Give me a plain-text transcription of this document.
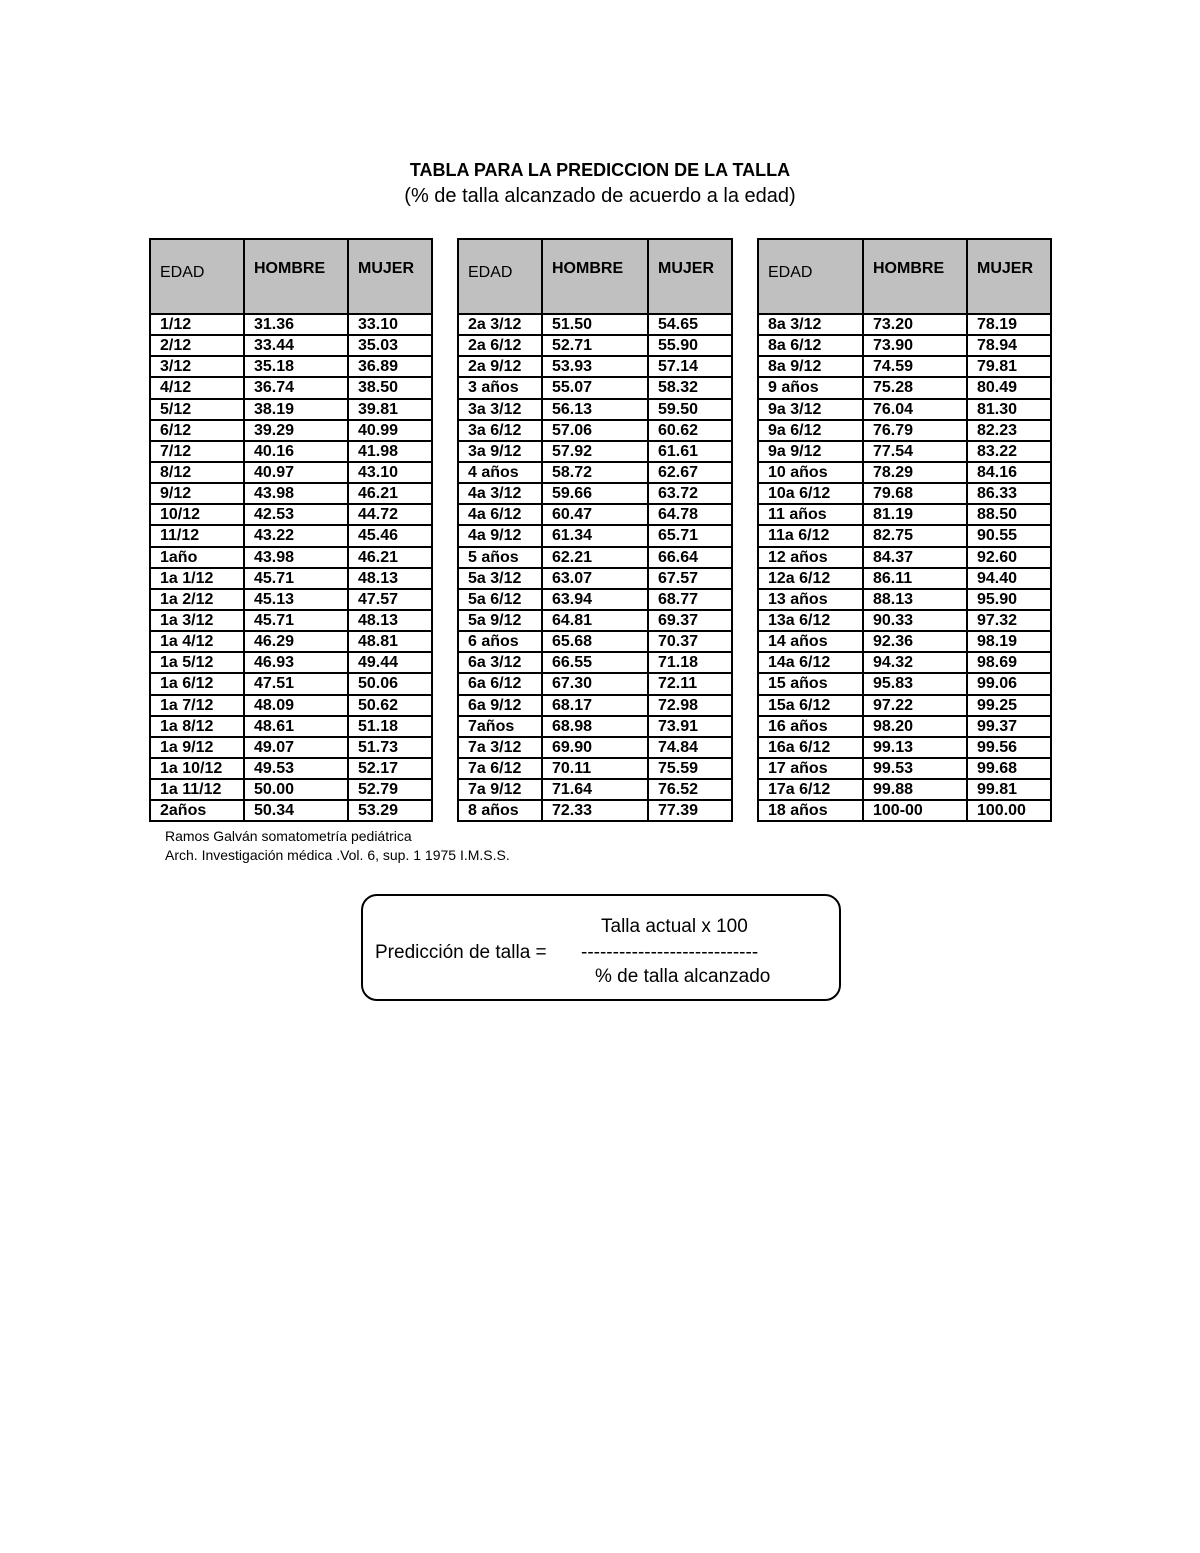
TABLA PARA LA PREDICCION DE LA TALLA
(% de talla alcanzado de acuerdo a la edad)
EDAD	HOMBRE	MUJER
1/12	31.36	33.10
2/12	33.44	35.03
3/12	35.18	36.89
4/12	36.74	38.50
5/12	38.19	39.81
6/12	39.29	40.99
7/12	40.16	41.98
8/12	40.97	43.10
9/12	43.98	46.21
10/12	42.53	44.72
11/12	43.22	45.46
1año	43.98	46.21
1a 1/12	45.71	48.13
1a 2/12	45.13	47.57
1a 3/12	45.71	48.13
1a 4/12	46.29	48.81
1a 5/12	46.93	49.44
1a 6/12	47.51	50.06
1a 7/12	48.09	50.62
1a 8/12	48.61	51.18
1a 9/12	49.07	51.73
1a 10/12	49.53	52.17
1a 11/12	50.00	52.79
2años	50.34	53.29
EDAD	HOMBRE	MUJER
2a 3/12	51.50	54.65
2a 6/12	52.71	55.90
2a 9/12	53.93	57.14
3 años	55.07	58.32
3a 3/12	56.13	59.50
3a 6/12	57.06	60.62
3a 9/12	57.92	61.61
4 años	58.72	62.67
4a 3/12	59.66	63.72
4a 6/12	60.47	64.78
4a 9/12	61.34	65.71
5 años	62.21	66.64
5a 3/12	63.07	67.57
5a 6/12	63.94	68.77
5a 9/12	64.81	69.37
6 años	65.68	70.37
6a 3/12	66.55	71.18
6a 6/12	67.30	72.11
6a 9/12	68.17	72.98
7años	68.98	73.91
7a 3/12	69.90	74.84
7a 6/12	70.11	75.59
7a 9/12	71.64	76.52
8 años	72.33	77.39
EDAD	HOMBRE	MUJER
8a 3/12	73.20	78.19
8a 6/12	73.90	78.94
8a 9/12	74.59	79.81
9 años	75.28	80.49
9a 3/12	76.04	81.30
9a 6/12	76.79	82.23
9a 9/12	77.54	83.22
10 años	78.29	84.16
10a 6/12	79.68	86.33
11 años	81.19	88.50
11a 6/12	82.75	90.55
12 años	84.37	92.60
12a 6/12	86.11	94.40
13 años	88.13	95.90
13a 6/12	90.33	97.32
14 años	92.36	98.19
14a 6/12	94.32	98.69
15 años	95.83	99.06
15a 6/12	97.22	99.25
16 años	98.20	99.37
16a 6/12	99.13	99.56
17 años	99.53	99.68
17a 6/12	99.88	99.81
18 años	100-00	100.00
Ramos Galván somatometría pediátrica
Arch. Investigación médica .Vol. 6, sup. 1 1975 I.M.S.S.
Talla actual x 100
Predicción de talla = ----------------------------
% de talla alcanzado
